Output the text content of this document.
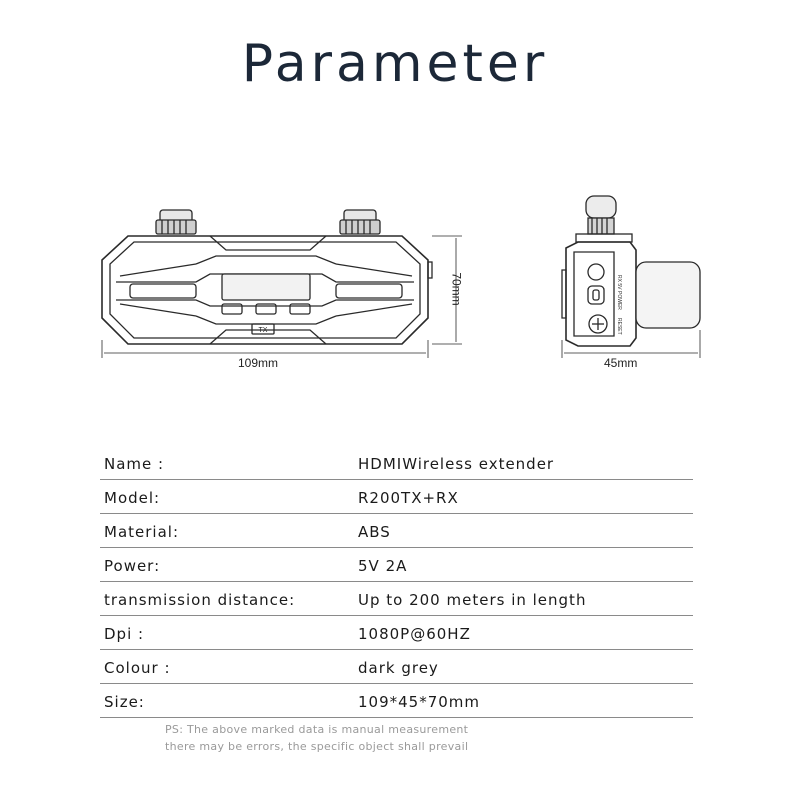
Parameter
TX
RX 5V
POWER
RESET
109mm	45mm
70mm
Name :	HDMIWireless extender
Model:	R200TX+RX
Material:	ABS
Power:	5V 2A
transmission distance:	Up to 200 meters in length
Dpi :	1080P@60HZ
Colour :	dark grey
Size:	109*45*70mm
PS: The above marked data is manual measurement
there may be errors, the specific object shall prevail
